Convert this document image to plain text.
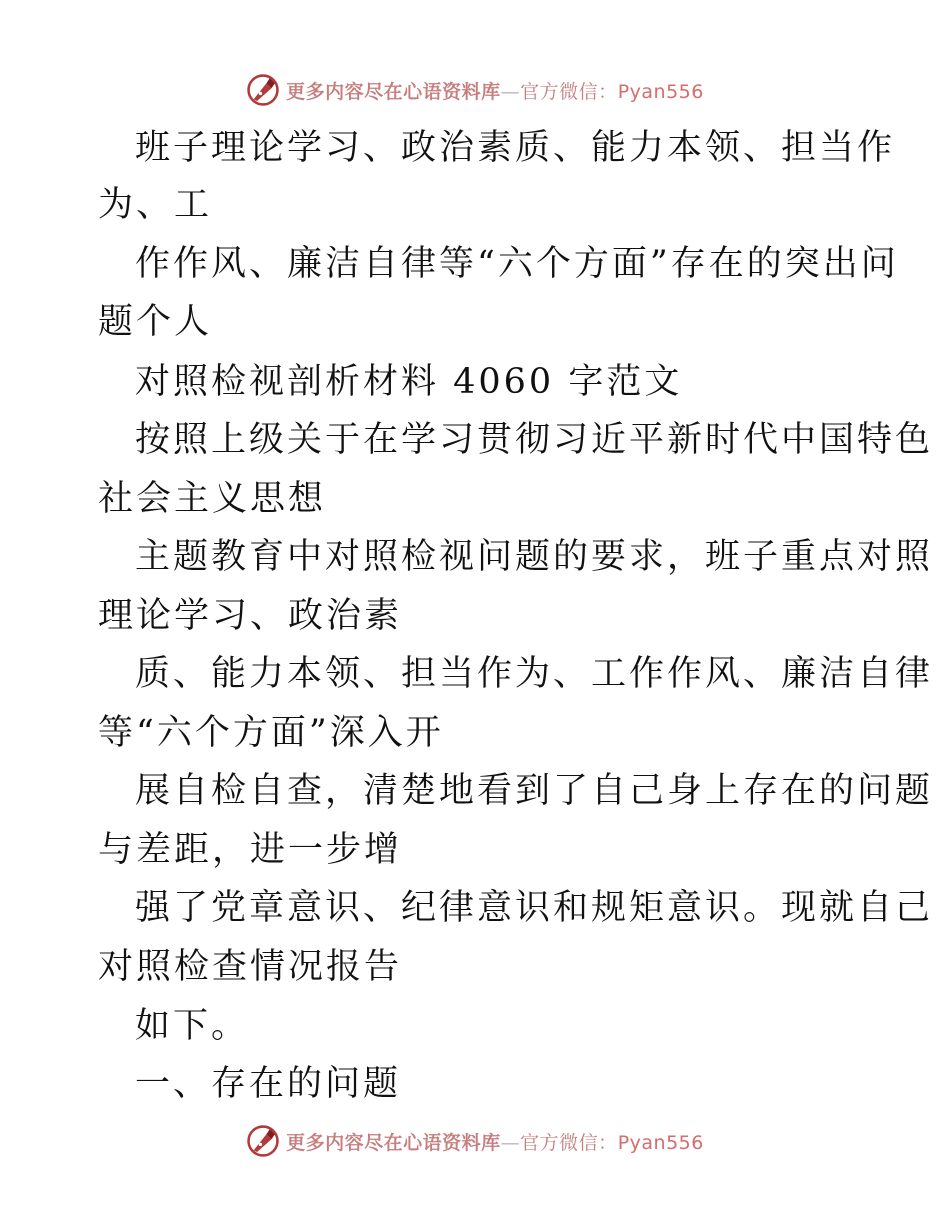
更多内容尽在心语资料库—官方微信：Pyan556
班子理论学习、政治素质、能力本领、担当作
为、工
作作风、廉洁自律等“六个方面”存在的突出问
题个人
对照检视剖析材料 4060 字范文
按照上级关于在学习贯彻习近平新时代中国特色
社会主义思想
主题教育中对照检视问题的要求，班子重点对照
理论学习、政治素
质、能力本领、担当作为、工作作风、廉洁自律
等“六个方面”深入开
展自检自查，清楚地看到了自己身上存在的问题
与差距，进一步增
强了党章意识、纪律意识和规矩意识。现就自己
对照检查情况报告
如下。
一、存在的问题
更多内容尽在心语资料库—官方微信：Pyan556
